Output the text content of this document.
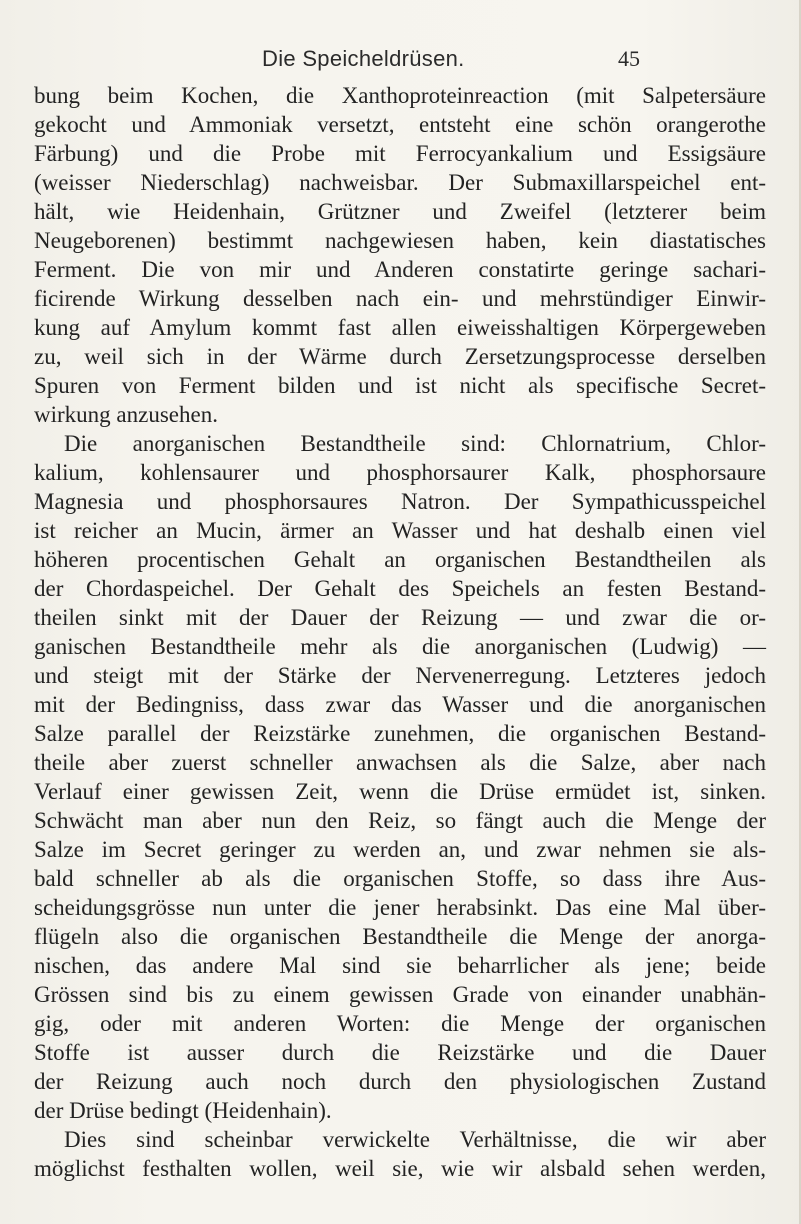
Die Speicheldrüsen.	45
bung beim Kochen, die Xanthoproteinreaction (mit Salpetersäure
gekocht und Ammoniak versetzt, entsteht eine schön orangerothe
Färbung) und die Probe mit Ferrocyankalium und Essigsäure
(weisser Niederschlag) nachweisbar. Der Submaxillarspeichel ent-
hält, wie Heidenhain, Grützner und Zweifel (letzterer beim
Neugeborenen) bestimmt nachgewiesen haben, kein diastatisches
Ferment. Die von mir und Anderen constatirte geringe sachari-
ficirende Wirkung desselben nach ein- und mehrstündiger Einwir-
kung auf Amylum kommt fast allen eiweisshaltigen Körpergeweben
zu, weil sich in der Wärme durch Zersetzungsprocesse derselben
Spuren von Ferment bilden und ist nicht als specifische Secret-
wirkung anzusehen.
Die anorganischen Bestandtheile sind: Chlornatrium, Chlor-
kalium, kohlensaurer und phosphorsaurer Kalk, phosphorsaure
Magnesia und phosphorsaures Natron. Der Sympathicusspeichel
ist reicher an Mucin, ärmer an Wasser und hat deshalb einen viel
höheren procentischen Gehalt an organischen Bestandtheilen als
der Chordaspeichel. Der Gehalt des Speichels an festen Bestand-
theilen sinkt mit der Dauer der Reizung — und zwar die or-
ganischen Bestandtheile mehr als die anorganischen (Ludwig) —
und steigt mit der Stärke der Nervenerregung. Letzteres jedoch
mit der Bedingniss, dass zwar das Wasser und die anorganischen
Salze parallel der Reizstärke zunehmen, die organischen Bestand-
theile aber zuerst schneller anwachsen als die Salze, aber nach
Verlauf einer gewissen Zeit, wenn die Drüse ermüdet ist, sinken.
Schwächt man aber nun den Reiz, so fängt auch die Menge der
Salze im Secret geringer zu werden an, und zwar nehmen sie als-
bald schneller ab als die organischen Stoffe, so dass ihre Aus-
scheidungsgrösse nun unter die jener herabsinkt. Das eine Mal über-
flügeln also die organischen Bestandtheile die Menge der anorga-
nischen, das andere Mal sind sie beharrlicher als jene; beide
Grössen sind bis zu einem gewissen Grade von einander unabhän-
gig, oder mit anderen Worten: die Menge der organischen
Stoffe ist ausser durch die Reizstärke und die Dauer
der Reizung auch noch durch den physiologischen Zustand
der Drüse bedingt (Heidenhain).
Dies sind scheinbar verwickelte Verhältnisse, die wir aber
möglichst festhalten wollen, weil sie, wie wir alsbald sehen werden,
